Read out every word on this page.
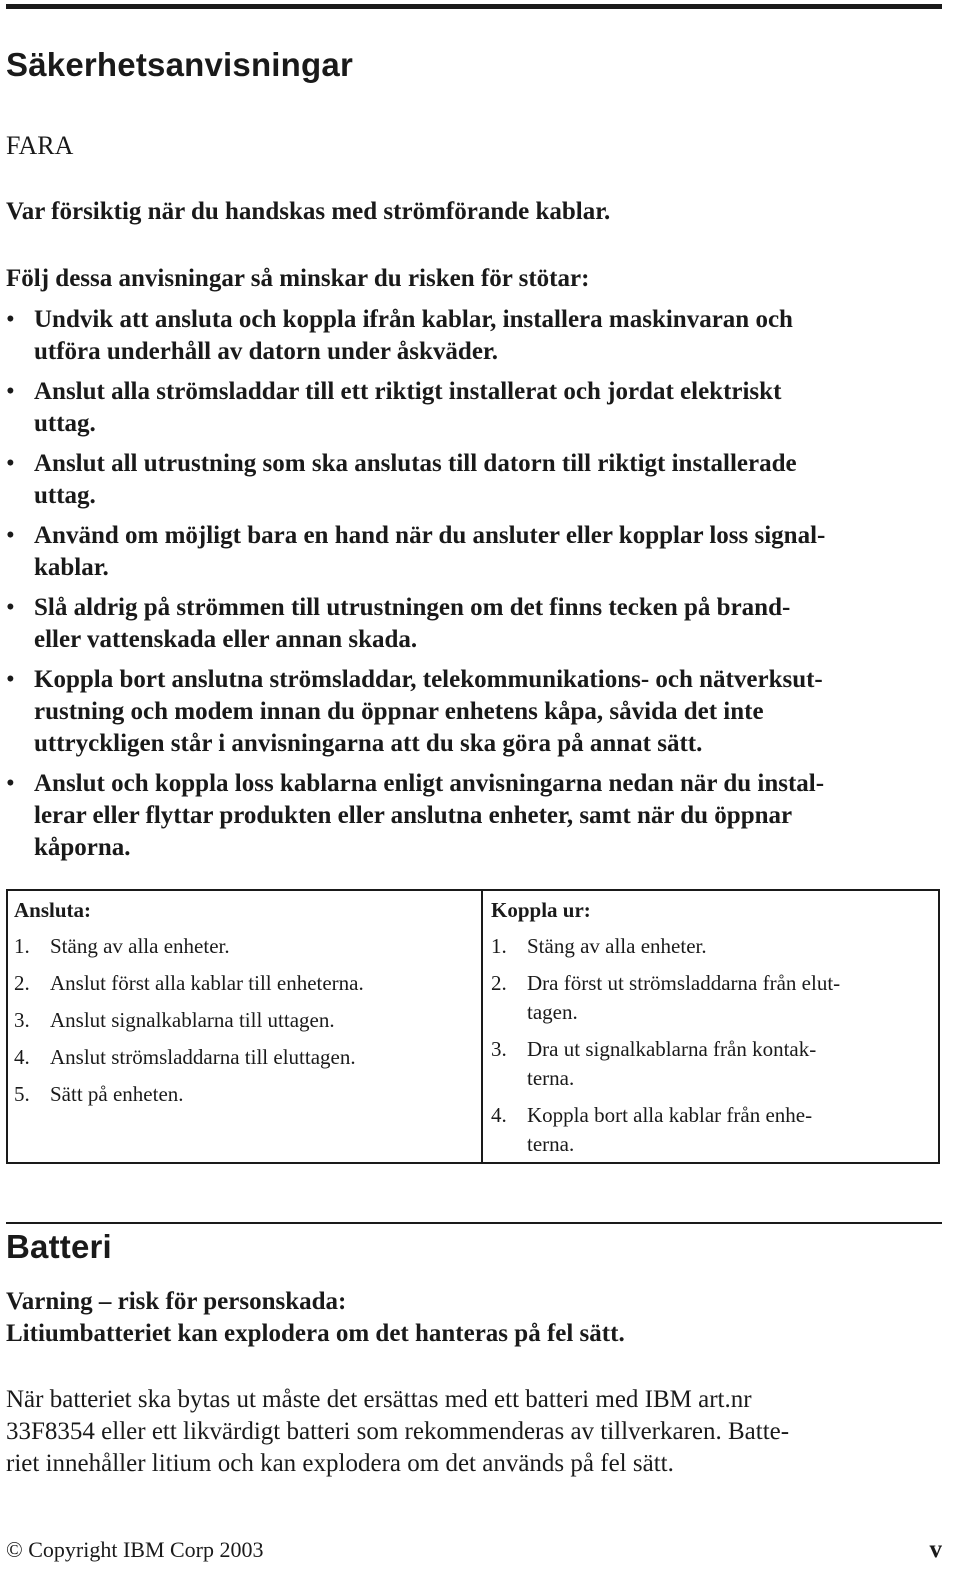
Säkerhetsanvisningar

FARA

Var försiktig när du handskas med strömförande kablar.

Följ dessa anvisningar så minskar du risken för stötar:

• Undvik att ansluta och koppla ifrån kablar, installera maskinvaran och
utföra underhåll av datorn under åskväder.
• Anslut alla strömsladdar till ett riktigt installerat och jordat elektriskt
uttag.
• Anslut all utrustning som ska anslutas till datorn till riktigt installerade
uttag.
• Använd om möjligt bara en hand när du ansluter eller kopplar loss signal-
kablar.
• Slå aldrig på strömmen till utrustningen om det finns tecken på brand-
eller vattenskada eller annan skada.
• Koppla bort anslutna strömsladdar, telekommunikations- och nätverksut-
rustning och modem innan du öppnar enhetens kåpa, såvida det inte
uttryckligen står i anvisningarna att du ska göra på annat sätt.
• Anslut och koppla loss kablarna enligt anvisningarna nedan när du instal-
lerar eller flyttar produkten eller anslutna enheter, samt när du öppnar
kåporna.
Ansluta:
1. Stäng av alla enheter.
2. Anslut först alla kablar till enheterna.
3. Anslut signalkablarna till uttagen.
4. Anslut strömsladdarna till eluttagen.
5. Sätt på enheten.
Koppla ur:
1. Stäng av alla enheter.
2. Dra först ut strömsladdarna från elut-
tagen.
3. Dra ut signalkablarna från kontak-
terna.
4. Koppla bort alla kablar från enhe-
terna.
Batteri

Varning – risk för personskada:

Litiumbatteriet kan explodera om det hanteras på fel sätt.

När batteriet ska bytas ut måste det ersättas med ett batteri med IBM art.nr

33F8354 eller ett likvärdigt batteri som rekommenderas av tillverkaren. Batte-

riet innehåller litium och kan explodera om det används på fel sätt.

© Copyright IBM Corp 2003	v
